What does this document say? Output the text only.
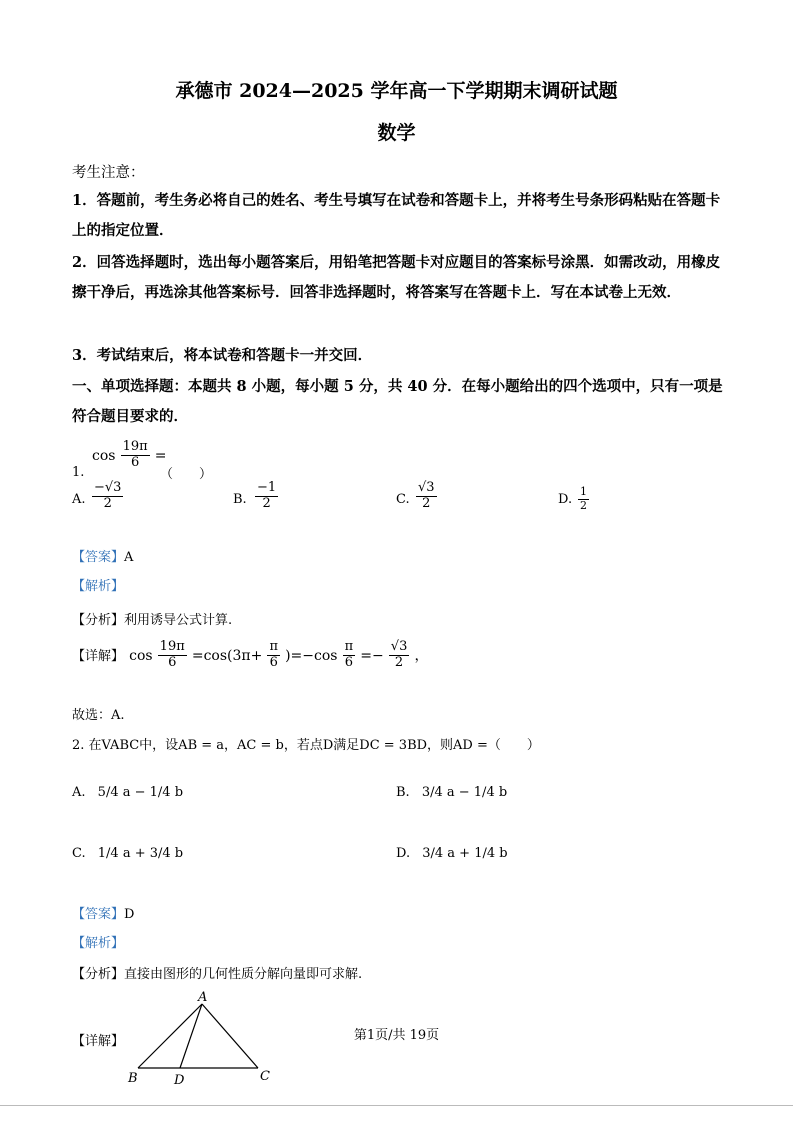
承德市 2024—2025 学年高一下学期期末调研试题
数学
考生注意：
1．答题前，考生务必将自己的姓名、考生号填写在试卷和答题卡上，并将考生号条形码粘贴在答题卡上的指定位置．
2．回答选择题时，选出每小题答案后，用铅笔把答题卡对应题目的答案标号涂黑．如需改动，用橡皮擦干净后，再选涂其他答案标号．回答非选择题时，将答案写在答题卡上．写在本试卷上无效．
3．考试结束后，将本试卷和答题卡一并交回．
一、单项选择题：本题共 8 小题，每小题 5 分，共 40 分．在每小题给出的四个选项中，只有一项是符合题目要求的．
$\cos \frac{19\pi}{6}$ =
1.	（　　）
A. $\frac{-√3}{2}$	B. $\frac{-1}{2}$	C. $\frac{√3}{2}$	D. $\frac{1}{2}$
【答案】A
【解析】
【分析】利用诱导公式计算.
【详解】 $\cos \frac{19\pi}{6} =\cos(3\pi+ \frac{\pi}{6} )=-\cos \frac{\pi}{6} =- \frac{√3}{2}$ ，
故选：A.
2. 在VABC中，设AB = a，AC = b，若点D满足DC = 3BD，则AD =（　　）
A. 5/4 a − 1/4 b	B. 3/4 a − 1/4 b
C. 1/4 a + 3/4 b	D. 3/4 a + 1/4 b
【答案】D
【解析】
【分析】直接由图形的几何性质分解向量即可求解.
【详解】
A
B	D	C
第1页/共 19页
